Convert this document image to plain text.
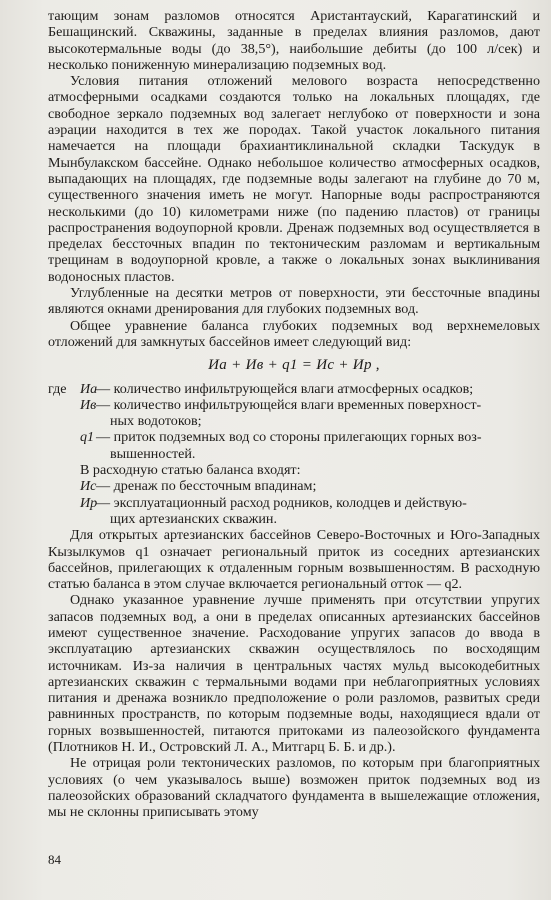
тающим зонам разломов относятся Аристантауский, Карагатинский и Бешащинский. Скважины, заданные в пределах влияния разломов, дают высокотермальные воды (до 38,5°), наибольшие дебиты (до 100 л/сек) и несколько пониженную минерализацию подземных вод.

Условия питания отложений мелового возраста непосредственно атмосферными осадками создаются только на локальных площадях, где свободное зеркало подземных вод залегает неглубоко от поверхности и зона аэрации находится в тех же породах. Такой участок локального питания намечается на площади брахиантиклинальной складки Таскудук в Мынбулакском бассейне. Однако небольшое количество атмосферных осадков, выпадающих на площадях, где подземные воды залегают на глубине до 70 м, существенного значения иметь не могут. Напорные воды распространяются несколькими (до 10) километрами ниже (по падению пластов) от границы распространения водоупорной кровли. Дренаж подземных вод осуществляется в пределах бессточных впадин по тектоническим разломам и вертикальным трещинам в водоупорной кровле, а также о локальных зонах выклинивания водоносных пластов.

Углубленные на десятки метров от поверхности, эти бессточные впадины являются окнами дренирования для глубоких подземных вод.

Общее уравнение баланса глубоких подземных вод верхнемеловых отложений для замкнутых бассейнов имеет следующий вид:

Иа + Ив + q1 = Ис + Ир ,
где Иа
— количество инфильтрующейся влаги атмосферных осадков;
Ив — количество инфильтрующейся влаги временных поверхност-
ных водотоков;
q1 — приток подземных вод со стороны прилегающих горных воз-
вышенностей.
В расходную статью баланса входят:
Ис — дренаж по бессточным впадинам;
Ир
— эксплуатационный расход родников, колодцев и действую-
щих артезианских скважин.

Для открытых артезианских бассейнов Северо-Восточных и Юго-Западных Кызылкумов q1 означает региональный приток из соседних артезианских бассейнов, прилегающих к отдаленным горным возвышенностям. В расходную статью баланса в этом случае включается региональный отток — q2.

Однако указанное уравнение лучше применять при отсутствии упругих запасов подземных вод, а они в пределах описанных артезианских бассейнов имеют существенное значение. Расходование упругих запасов до ввода в эксплуатацию артезианских скважин осуществлялось по восходящим источникам. Из-за наличия в центральных частях мульд высокодебитных артезианских скважин с термальными водами при неблагоприятных условиях питания и дренажа возникло предположение о роли разломов, развитых среди равнинных пространств, по которым подземные воды, находящиеся вдали от горных возвышенностей, питаются притоками из палеозойского фундамента (Плотников Н. И., Островский Л. А., Митгарц Б. Б. и др.).

Не отрицая роли тектонических разломов, по которым при благоприятных условиях (о чем указывалось выше) возможен приток подземных вод из палеозойских образований складчатого фундамента в вышележащие отложения, мы не склонны приписывать этому

84
